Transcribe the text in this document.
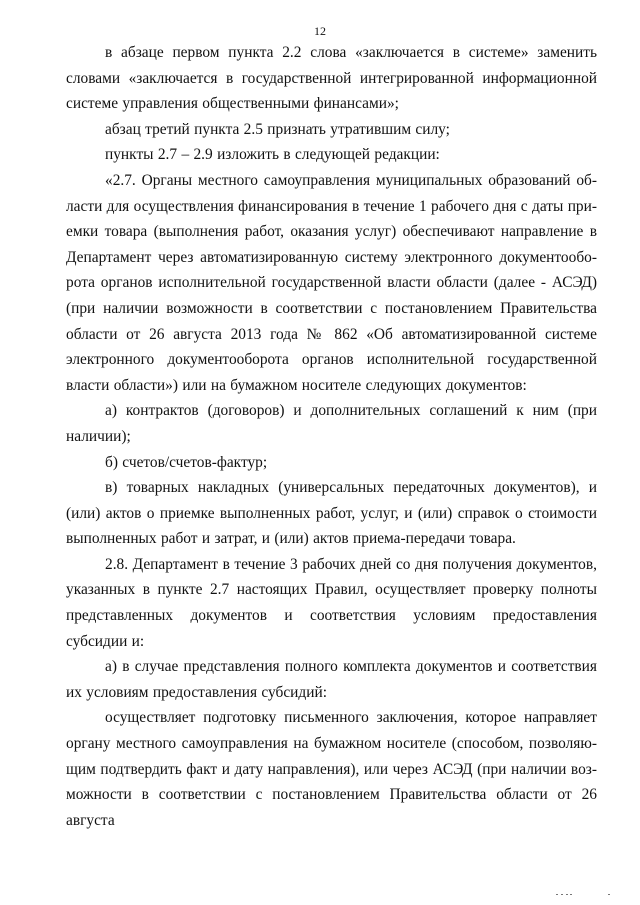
12

в абзаце первом пункта 2.2 слова «заключается в системе» заменить словами «заключается в государственной интегрированной информационной системе управления общественными финансами»;

абзац третий пункта 2.5 признать утратившим силу;

пункты 2.7 – 2.9 изложить в следующей редакции:

«2.7. Органы местного самоуправления муниципальных образований области для осуществления финансирования в течение 1 рабочего дня с даты приемки товара (выполнения работ, оказания услуг) обеспечивают направление в Департамент через автоматизированную систему электронного документооборота органов исполнительной государственной власти области (далее - АСЭД) (при наличии возможности в соответствии с постановлением Правительства области от 26 августа 2013 года № 862 «Об автоматизированной системе электронного документооборота органов исполнительной государственной власти области») или на бумажном носителе следующих документов:

а) контрактов (договоров) и дополнительных соглашений к ним (при наличии);

б) счетов/счетов-фактур;

в) товарных накладных (универсальных передаточных документов), и (или) актов о приемке выполненных работ, услуг, и (или) справок о стоимости выполненных работ и затрат, и (или) актов приема-передачи товара.

2.8. Департамент в течение 3 рабочих дней со дня получения документов, указанных в пункте 2.7 настоящих Правил, осуществляет проверку полноты представленных документов и соответствия условиям предоставления субсидии и:

а) в случае представления полного комплекта документов и соответствия их условиям предоставления субсидий:

осуществляет подготовку письменного заключения, которое направляет органу местного самоуправления на бумажном носителе (способом, позволяющим подтвердить факт и дату направления), или через АСЭД (при наличии возможности в соответствии с постановлением Правительства области от 26 августа
